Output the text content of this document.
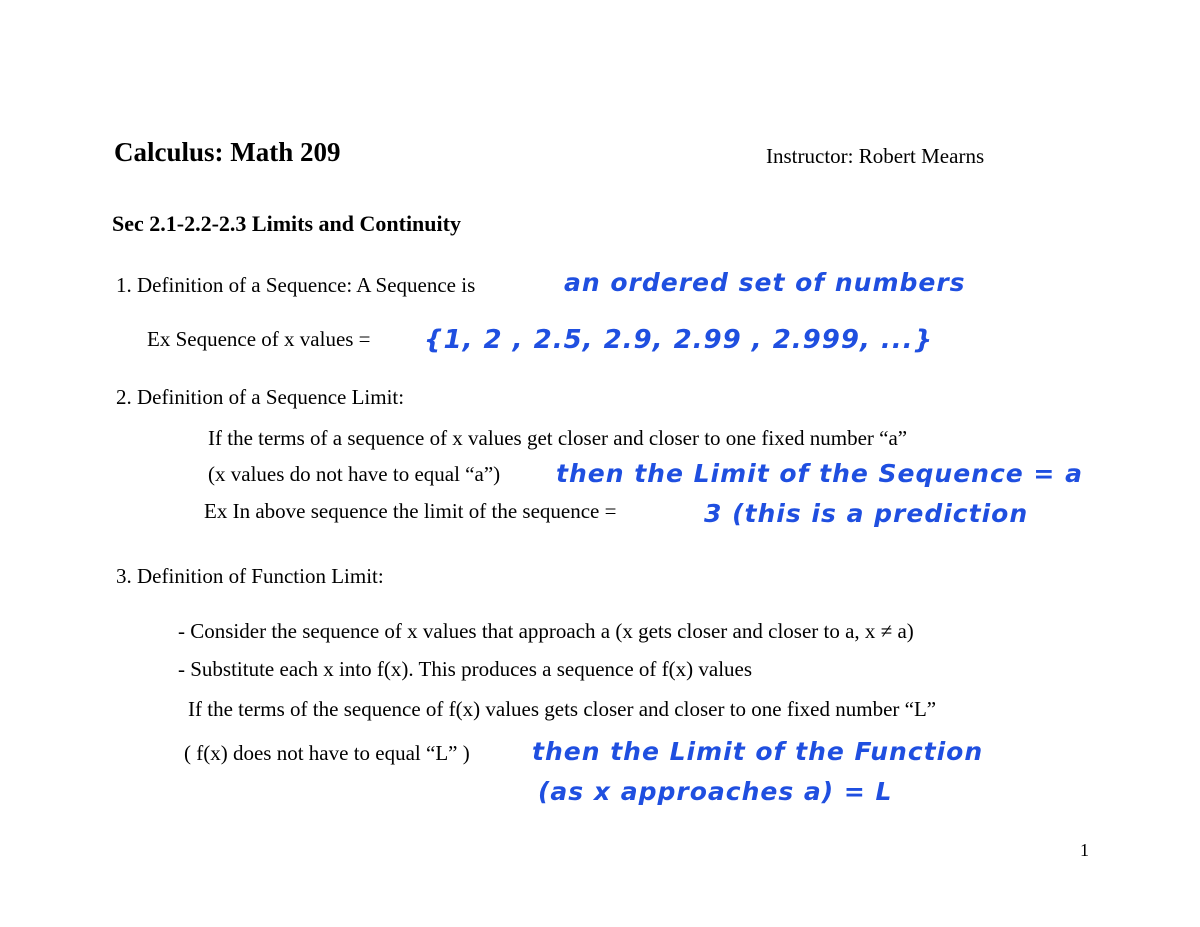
Calculus: Math 209	Instructor: Robert Mearns
Sec 2.1-2.2-2.3 Limits and Continuity
1. Definition of a Sequence: A Sequence is	an ordered set of numbers
Ex Sequence of x values = {1, 2 , 2.5, 2.9, 2.99 , 2.999, ...}
2. Definition of a Sequence Limit:
If the terms of a sequence of x values get closer and closer to one fixed number “a”
(x values do not have to equal “a”) then the Limit of the Sequence = a
Ex In above sequence the limit of the sequence =	3 (this is a prediction
3. Definition of Function Limit:
- Consider the sequence of x values that approach a (x gets closer and closer to a, x ≠ a)
- Substitute each x into f(x). This produces a sequence of f(x) values
If the terms of the sequence of f(x) values gets closer and closer to one fixed number “L”
( f(x) does not have to equal “L” ) then the Limit of the Function
(as x approaches a) = L
1
